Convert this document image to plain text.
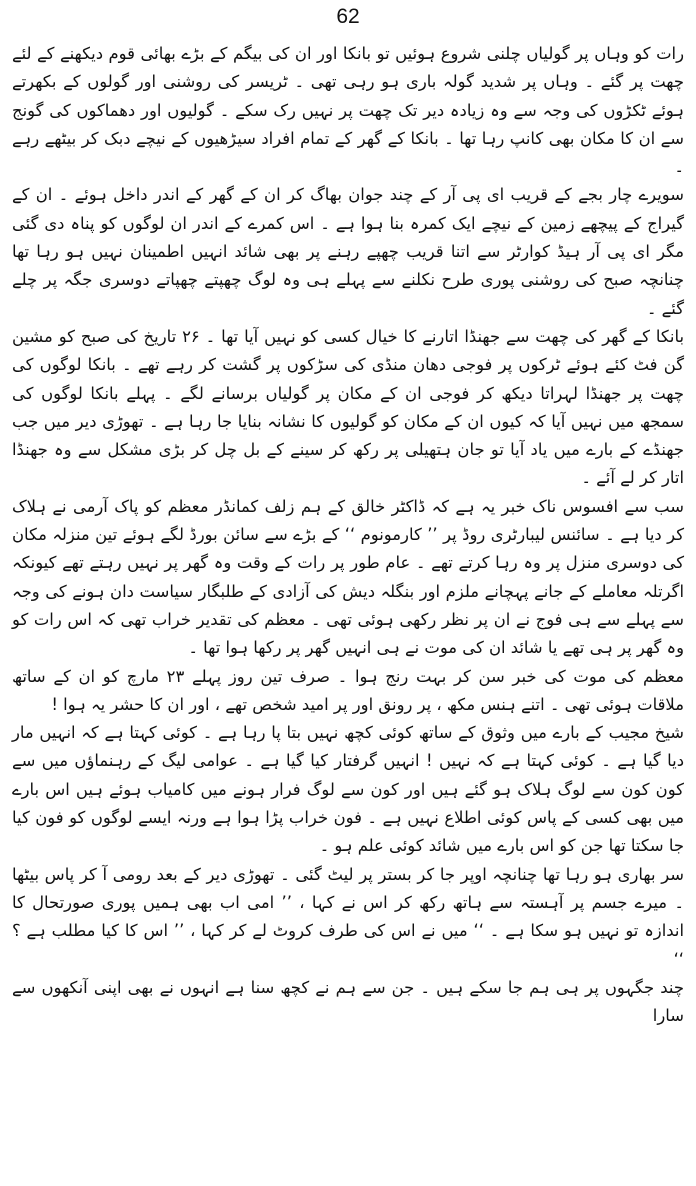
62

رات کو وہاں پر گولیاں چلنی شروع ہوئیں تو بانکا اور ان کی بیگم کے بڑے بھائی قوم دیکھنے کے لئے چھت پر گئے ۔ وہاں پر شدید گولہ باری ہو رہی تھی ۔ ٹریسر کی روشنی اور گولوں کے بکھرتے ہوئے ٹکڑوں کی وجہ سے وہ زیادہ دیر تک چھت پر نہیں رک سکے ۔ گولیوں اور دھماکوں کی گونج سے ان کا مکان بھی کانپ رہا تھا ۔ بانکا کے گھر کے تمام افراد سیڑھیوں کے نیچے دبک کر بیٹھے رہے ۔

سویرے چار بجے کے قریب ای پی آر کے چند جوان بھاگ کر ان کے گھر کے اندر داخل ہوئے ۔ ان کے گیراج کے پیچھے زمین کے نیچے ایک کمرہ بنا ہوا ہے ۔ اس کمرے کے اندر ان لوگوں کو پناہ دی گئی مگر ای پی آر ہیڈ کوارٹر سے اتنا قریب چھپے رہنے پر بھی شائد انہیں اطمینان نہیں ہو رہا تھا چنانچہ صبح کی روشنی پوری طرح نکلنے سے پہلے ہی وہ لوگ چھپتے چھپاتے دوسری جگہ پر چلے گئے ۔

بانکا کے گھر کی چھت سے جھنڈا اتارنے کا خیال کسی کو نہیں آیا تھا ۔ ۲۶ تاریخ کی صبح کو مشین گن فٹ کئے ہوئے ٹرکوں پر فوجی دھان منڈی کی سڑکوں پر گشت کر رہے تھے ۔ بانکا لوگوں کی چھت پر جھنڈا لہراتا دیکھ کر فوجی ان کے مکان پر گولیاں برسانے لگے ۔ پہلے بانکا لوگوں کی سمجھ میں نہیں آیا کہ کیوں ان کے مکان کو گولیوں کا نشانہ بنایا جا رہا ہے ۔ تھوڑی دیر میں جب جھنڈے کے بارے میں یاد آیا تو جان ہتھیلی پر رکھ کر سینے کے بل چل کر بڑی مشکل سے وہ جھنڈا اتار کر لے آئے ۔

سب سے افسوس ناک خبر یہ ہے کہ ڈاکٹر خالق کے ہم زلف کمانڈر معظم کو پاک آرمی نے ہلاک کر دیا ہے ۔ سائنس لیبارٹری روڈ پر ’’ کارمونوم ‘‘ کے بڑے سے سائن بورڈ لگے ہوئے تین منزلہ مکان کی دوسری منزل پر وہ رہا کرتے تھے ۔ عام طور پر رات کے وقت وہ گھر پر نہیں رہتے تھے کیونکہ اگرتلہ معاملے کے جانے پہچانے ملزم اور بنگلہ دیش کی آزادی کے طلبگار سیاست دان ہونے کی وجہ سے پہلے سے ہی فوج نے ان پر نظر رکھی ہوئی تھی ۔ معظم کی تقدیر خراب تھی کہ اس رات کو وہ گھر پر ہی تھے یا شائد ان کی موت نے ہی انہیں گھر پر رکھا ہوا تھا ۔

معظم کی موت کی خبر سن کر بہت رنج ہوا ۔ صرف تین روز پہلے ۲۳ مارچ کو ان کے ساتھ ملاقات ہوئی تھی ۔ اتنے ہنس مکھ ، پر رونق اور پر امید شخص تھے ، اور ان کا حشر یہ ہوا !

شیخ مجیب کے بارے میں وثوق کے ساتھ کوئی کچھ نہیں بتا پا رہا ہے ۔ کوئی کہتا ہے کہ انہیں مار دیا گیا ہے ۔ کوئی کہتا ہے کہ نہیں ! انہیں گرفتار کیا گیا ہے ۔ عوامی لیگ کے رہنماؤں میں سے کون کون سے لوگ ہلاک ہو گئے ہیں اور کون سے لوگ فرار ہونے میں کامیاب ہوئے ہیں اس بارے میں بھی کسی کے پاس کوئی اطلاع نہیں ہے ۔ فون خراب پڑا ہوا ہے ورنہ ایسے لوگوں کو فون کیا جا سکتا تھا جن کو اس بارے میں شائد کوئی علم ہو ۔

سر بھاری ہو رہا تھا چنانچہ اوپر جا کر بستر پر لیٹ گئی ۔ تھوڑی دیر کے بعد رومی آ کر پاس بیٹھا ۔ میرے جسم پر آہستہ سے ہاتھ رکھ کر اس نے کہا ، ’’ امی اب بھی ہمیں پوری صورتحال کا اندازہ تو نہیں ہو سکا ہے ۔ ‘‘ میں نے اس کی طرف کروٹ لے کر کہا ، ’’ اس کا کیا مطلب ہے ؟ ‘‘

چند جگہوں پر ہی ہم جا سکے ہیں ۔ جن سے ہم نے کچھ سنا ہے انہوں نے بھی اپنی آنکھوں سے سارا
